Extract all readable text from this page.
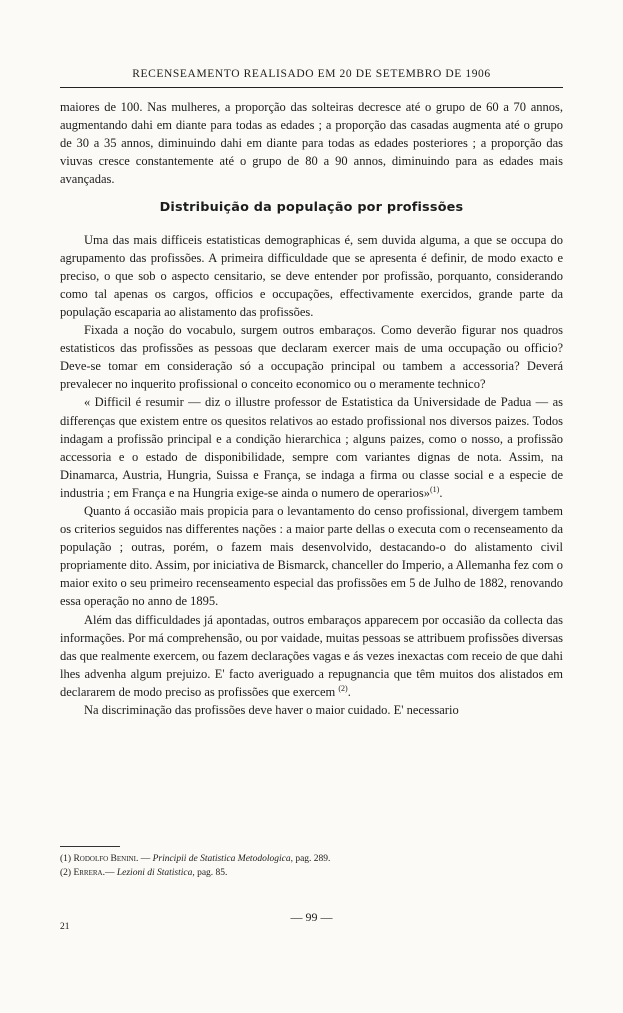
RECENSEAMENTO REALISADO EM 20 DE SETEMBRO DE 1906

maiores de 100. Nas mulheres, a proporção das solteiras decresce até o grupo de 60 a 70 annos, augmentando dahi em diante para todas as edades ; a proporção das casadas augmenta até o grupo de 30 a 35 annos, diminuindo dahi em diante para todas as edades posteriores ; a proporção das viuvas cresce constantemente até o grupo de 80 a 90 annos, diminuindo para as edades mais avançadas.

Distribuição da população por profissões

Uma das mais difficeis estatisticas demographicas é, sem duvida alguma, a que se occupa do agrupamento das profissões. A primeira difficuldade que se apresenta é definir, de modo exacto e preciso, o que sob o aspecto censitario, se deve entender por profissão, porquanto, considerando como tal apenas os cargos, officios e occupações, effectivamente exercidos, grande parte da população escaparia ao alistamento das profissões.

Fixada a noção do vocabulo, surgem outros embaraços. Como deverão figurar nos quadros estatisticos das profissões as pessoas que declaram exercer mais de uma occupação ou officio? Deve-se tomar em consideração só a occupação principal ou tambem a accessoria? Deverá prevalecer no inquerito profissional o conceito economico ou o meramente technico?

« Difficil é resumir — diz o illustre professor de Estatistica da Universidade de Padua — as differenças que existem entre os quesitos relativos ao estado profissional nos diversos paizes. Todos indagam a profissão principal e a condição hierarchica ; alguns paizes, como o nosso, a profissão accessoria e o estado de disponibilidade, sempre com variantes dignas de nota. Assim, na Dinamarca, Austria, Hungria, Suissa e França, se indaga a firma ou classe social e a especie de industria ; em França e na Hungria exige-se ainda o numero de operarios»$^{(1)}$.

Quanto á occasião mais propicia para o levantamento do censo profissional, divergem tambem os criterios seguidos nas differentes nações : a maior parte dellas o executa com o recenseamento da população ; outras, porém, o fazem mais desenvolvido, destacando-o do alistamento civil propriamente dito. Assim, por iniciativa de Bismarck, chanceller do Imperio, a Allemanha fez com o maior exito o seu primeiro recenseamento especial das profissões em 5 de Julho de 1882, renovando essa operação no anno de 1895.

Além das difficuldades já apontadas, outros embaraços apparecem por occasião da collecta das informações. Por má comprehensão, ou por vaidade, muitas pessoas se attribuem profissões diversas das que realmente exercem, ou fazem declarações vagas e ás vezes inexactas com receio de que dahi lhes advenha algum prejuizo. E' facto averiguado a repugnancia que têm muitos dos alistados em declararem de modo preciso as profissões que exercem $^{(2)}$.

Na discriminação das profissões deve haver o maior cuidado. E' necessario

(1) Rodolfo Benini. — Principii de Statistica Metodologica, pag. 289.
(2) Errera.— Lezioni di Statistica, pag. 85.
— 99 —
21
